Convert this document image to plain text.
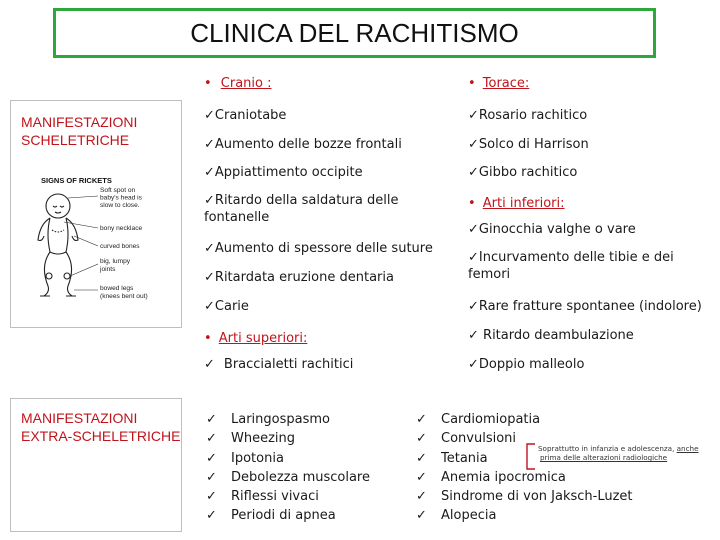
CLINICA DEL RACHITISMO
MANIFESTAZIONI
SCHELETRICHE
SIGNS OF RICKETS
Soft spot on baby's head is slow to close.
bony necklace
curved bones
big, lumpy joints
bowed legs (knees bent out)
MANIFESTAZIONI
EXTRA-SCHELETRICHE
• Cranio :
✓Craniotabe
✓Aumento delle bozze frontali
✓Appiattimento occipite
✓Ritardo della saldatura delle fontanelle
✓Aumento di spessore delle suture
✓Ritardata eruzione dentaria
✓Carie
• Arti superiori:
✓ Braccialetti rachitici
• Torace:
✓Rosario rachitico
✓Solco di Harrison
✓Gibbo rachitico
• Arti inferiori:
✓Ginocchia valghe o vare
✓Incurvamento delle tibie e dei femori
✓Rare fratture spontanee (indolore)
✓ Ritardo deambulazione
✓Doppio malleolo
✓
✓
✓
✓
✓
✓
Laringospasmo
Wheezing
Ipotonia
Debolezza muscolare
Riflessi vivaci
Periodi di apnea
✓
✓
✓
✓
✓
✓
Cardiomiopatia
Convulsioni
Tetania
Anemia ipocromica
Sindrome di von Jaksch-Luzet
Alopecia
Soprattutto in infanzia e adolescenza, anche
prima delle alterazioni radiologiche
